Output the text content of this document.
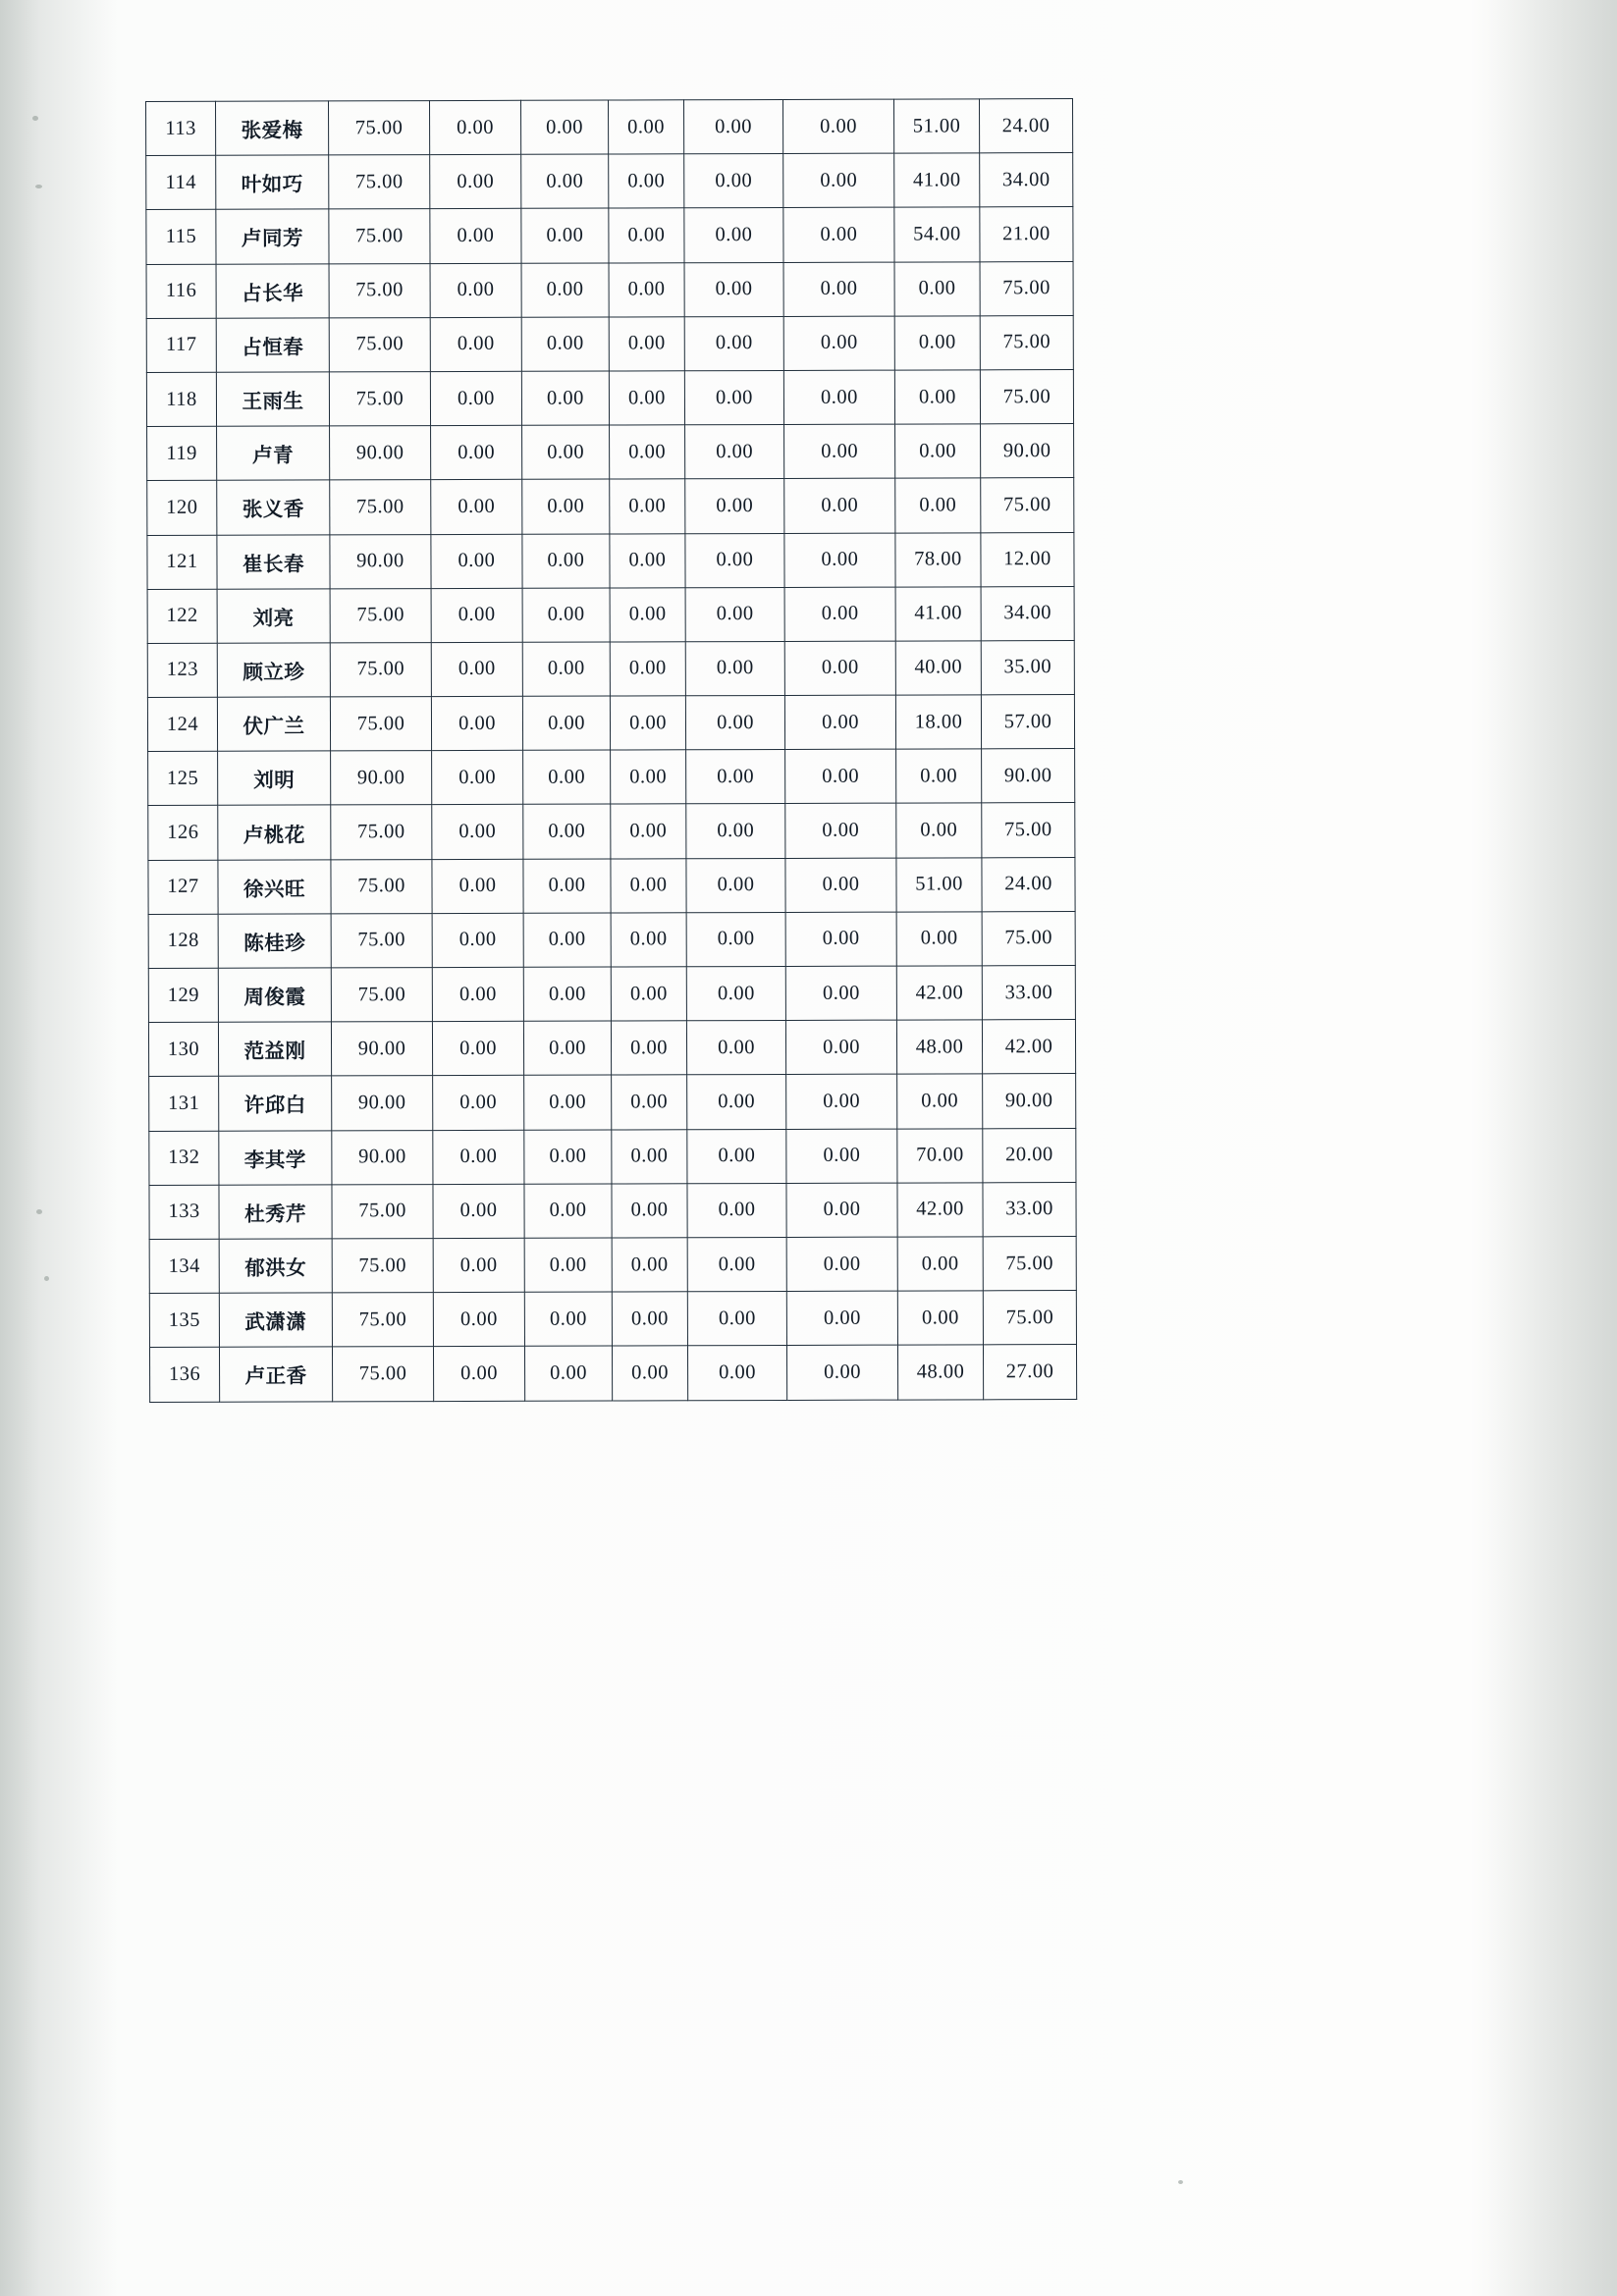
113	张爱梅	75.00	0.00	0.00	0.00	0.00	0.00	51.00	24.00
114	叶如巧	75.00	0.00	0.00	0.00	0.00	0.00	41.00	34.00
115	卢同芳	75.00	0.00	0.00	0.00	0.00	0.00	54.00	21.00
116	占长华	75.00	0.00	0.00	0.00	0.00	0.00	0.00	75.00
117	占恒春	75.00	0.00	0.00	0.00	0.00	0.00	0.00	75.00
118	王雨生	75.00	0.00	0.00	0.00	0.00	0.00	0.00	75.00
119	卢青	90.00	0.00	0.00	0.00	0.00	0.00	0.00	90.00
120	张义香	75.00	0.00	0.00	0.00	0.00	0.00	0.00	75.00
121	崔长春	90.00	0.00	0.00	0.00	0.00	0.00	78.00	12.00
122	刘亮	75.00	0.00	0.00	0.00	0.00	0.00	41.00	34.00
123	顾立珍	75.00	0.00	0.00	0.00	0.00	0.00	40.00	35.00
124	伏广兰	75.00	0.00	0.00	0.00	0.00	0.00	18.00	57.00
125	刘明	90.00	0.00	0.00	0.00	0.00	0.00	0.00	90.00
126	卢桃花	75.00	0.00	0.00	0.00	0.00	0.00	0.00	75.00
127	徐兴旺	75.00	0.00	0.00	0.00	0.00	0.00	51.00	24.00
128	陈桂珍	75.00	0.00	0.00	0.00	0.00	0.00	0.00	75.00
129	周俊霞	75.00	0.00	0.00	0.00	0.00	0.00	42.00	33.00
130	范益刚	90.00	0.00	0.00	0.00	0.00	0.00	48.00	42.00
131	许邱白	90.00	0.00	0.00	0.00	0.00	0.00	0.00	90.00
132	李其学	90.00	0.00	0.00	0.00	0.00	0.00	70.00	20.00
133	杜秀芹	75.00	0.00	0.00	0.00	0.00	0.00	42.00	33.00
134	郁洪女	75.00	0.00	0.00	0.00	0.00	0.00	0.00	75.00
135	武潇潇	75.00	0.00	0.00	0.00	0.00	0.00	0.00	75.00
136	卢正香	75.00	0.00	0.00	0.00	0.00	0.00	48.00	27.00
